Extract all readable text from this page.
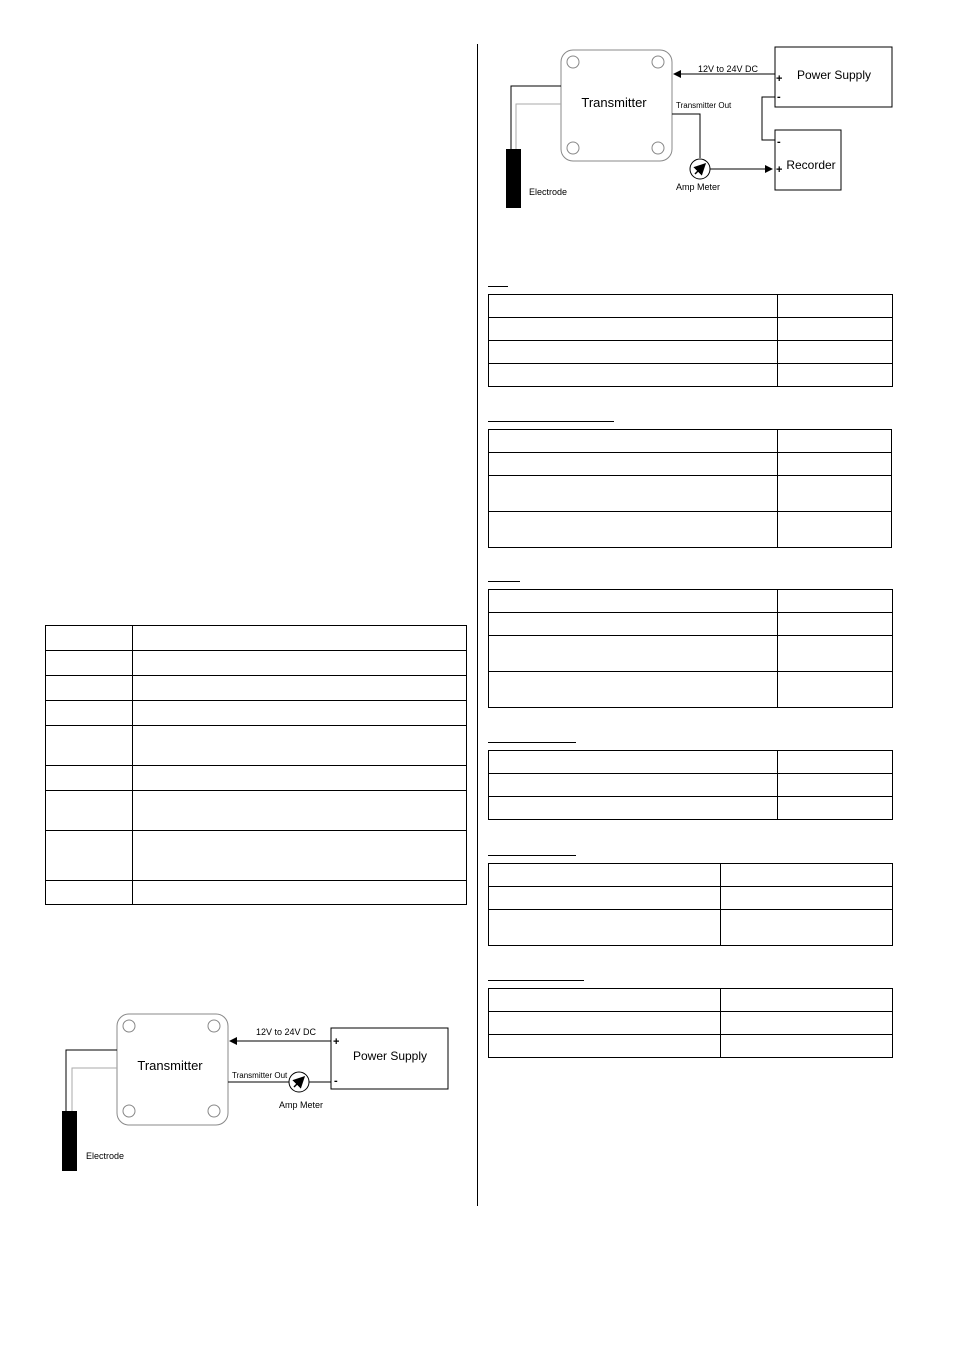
Transmitter
Electrode
Power Supply
+
-
12V to 24V DC
Transmitter Out
Amp Meter
Recorder
-
+
Transmitter
Electrode
Power Supply
+
-
12V to 24V DC
Transmitter Out
Amp Meter
